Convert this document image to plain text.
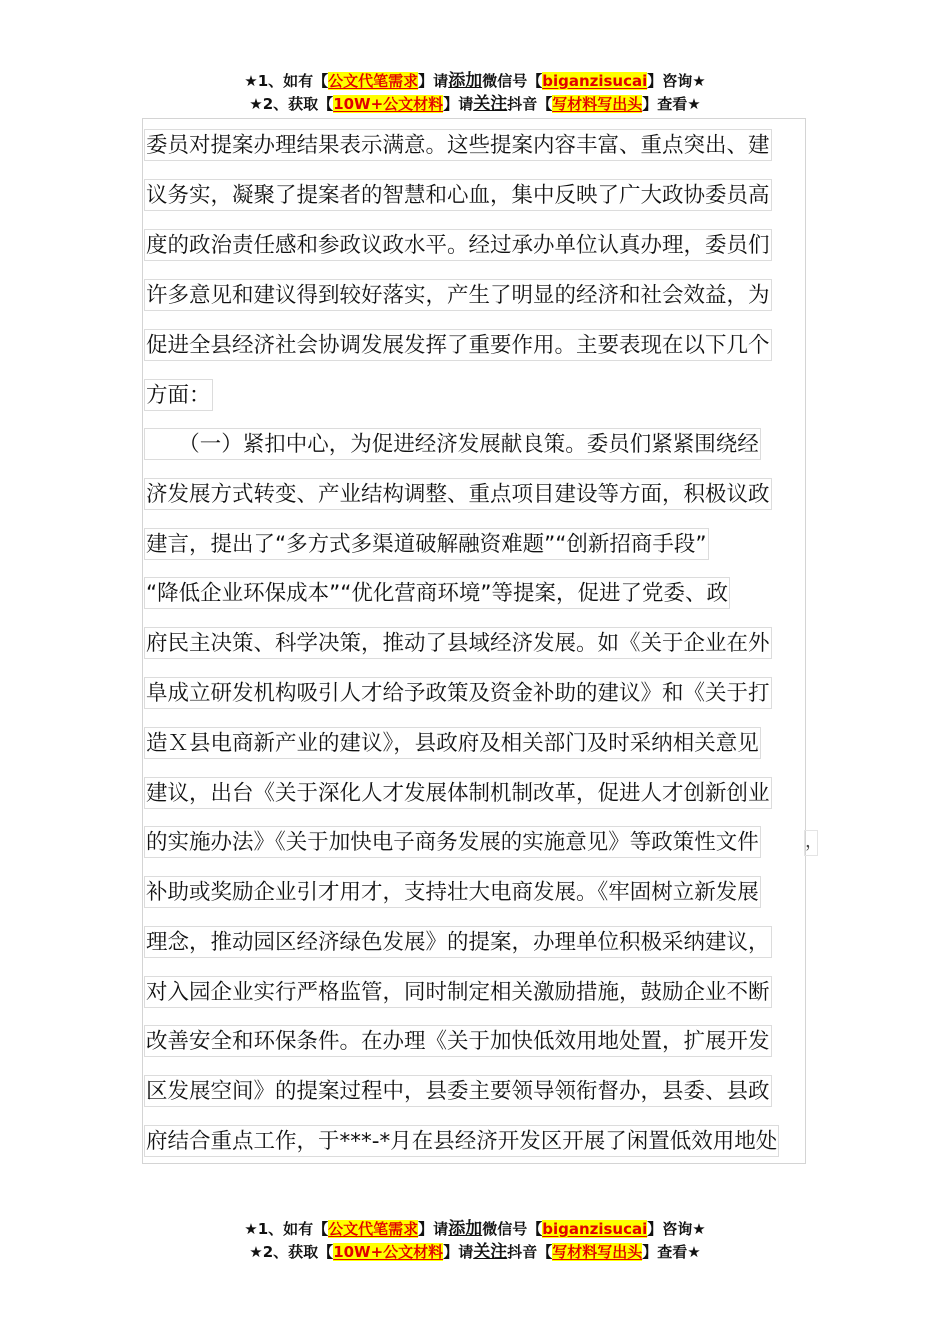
★1、如有【公文代笔需求】请添加微信号【biganzisucai】咨询★
★2、获取【10W+公文材料】请关注抖音【写材料写出头】查看★
委员对提案办理结果表示满意。这些提案内容丰富、重点突出、建
议务实，凝聚了提案者的智慧和心血，集中反映了广大政协委员高
度的政治责任感和参政议政水平。经过承办单位认真办理，委员们
许多意见和建议得到较好落实，产生了明显的经济和社会效益，为
促进全县经济社会协调发展发挥了重要作用。主要表现在以下几个
方面：
　　（一）紧扣中心，为促进经济发展献良策。委员们紧紧围绕经
济发展方式转变、产业结构调整、重点项目建设等方面，积极议政
建言，提出了“多方式多渠道破解融资难题”“创新招商手段”
“降低企业环保成本”“优化营商环境”等提案，促进了党委、政
府民主决策、科学决策，推动了县域经济发展。如《关于企业在外
阜成立研发机构吸引人才给予政策及资金补助的建议》和《关于打
造Ｘ县电商新产业的建议》，县政府及相关部门及时采纳相关意见
建议，出台《关于深化人才发展体制机制改革，促进人才创新创业
的实施办法》《关于加快电子商务发展的实施意见》等政策性文件
补助或奖励企业引才用才，支持壮大电商发展。《牢固树立新发展
理念，推动园区经济绿色发展》的提案，办理单位积极采纳建议，
对入园企业实行严格监管，同时制定相关激励措施，鼓励企业不断
改善安全和环保条件。在办理《关于加快低效用地处置，扩展开发
区发展空间》的提案过程中，县委主要领导领衔督办，县委、县政
府结合重点工作，于***-*月在县经济开发区开展了闲置低效用地处
，
★1、如有【公文代笔需求】请添加微信号【biganzisucai】咨询★
★2、获取【10W+公文材料】请关注抖音【写材料写出头】查看★
